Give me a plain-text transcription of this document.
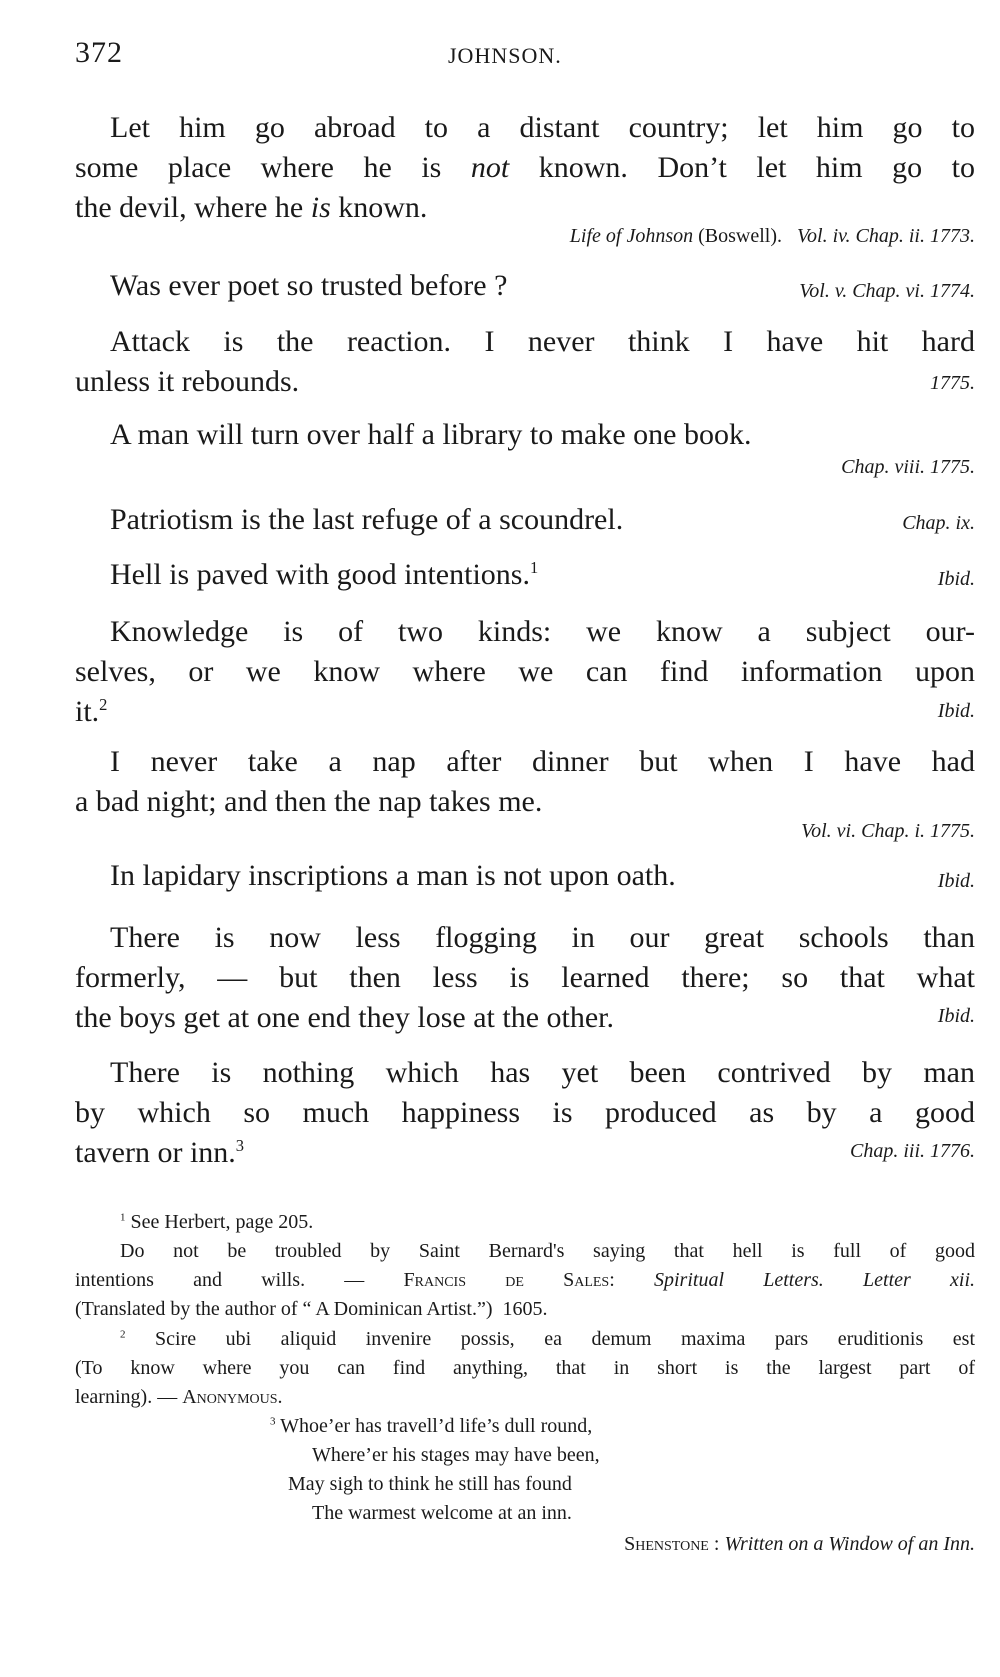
372	JOHNSON.
Let him go abroad to a distant country; let him go to
some place where he is not known. Don’t let him go to
the devil, where he is known.
Life of Johnson (Boswell). Vol. iv. Chap. ii. 1773.
Was ever poet so trusted before ?	Vol. v. Chap. vi. 1774.
Attack is the reaction. I never think I have hit hard
unless it rebounds.	1775.
A man will turn over half a library to make one book.
Chap. viii. 1775.
Patriotism is the last refuge of a scoundrel.	Chap. ix.
Hell is paved with good intentions.$^1$
Ibid.
Knowledge is of two kinds: we know a subject our-
selves, or we know where we can find information upon
it.$^2$	Ibid.
I never take a nap after dinner but when I have had
a bad night; and then the nap takes me.
Vol. vi. Chap. i. 1775.
In lapidary inscriptions a man is not upon oath.	Ibid.
There is now less flogging in our great schools than
formerly, — but then less is learned there; so that what
the boys get at one end they lose at the other.	Ibid.
There is nothing which has yet been contrived by man
by which so much happiness is produced as by a good
tavern or inn.$^3$	Chap. iii. 1776.
$^1$ See Herbert, page 205.
Do not be troubled by Saint Bernard's saying that hell is full of good
intentions and wills. — Francis de Sales: Spiritual Letters. Letter xii.
(Translated by the author of “ A Dominican Artist.”) 1605.
$^2$ Scire ubi aliquid invenire possis, ea demum maxima pars eruditionis est
(To know where you can find anything, that in short is the largest part of
learning). — Anonymous.
$^3$ Whoe’er has travell’d life’s dull round,
Where’er his stages may have been,
May sigh to think he still has found
The warmest welcome at an inn.
Shenstone : Written on a Window of an Inn.
